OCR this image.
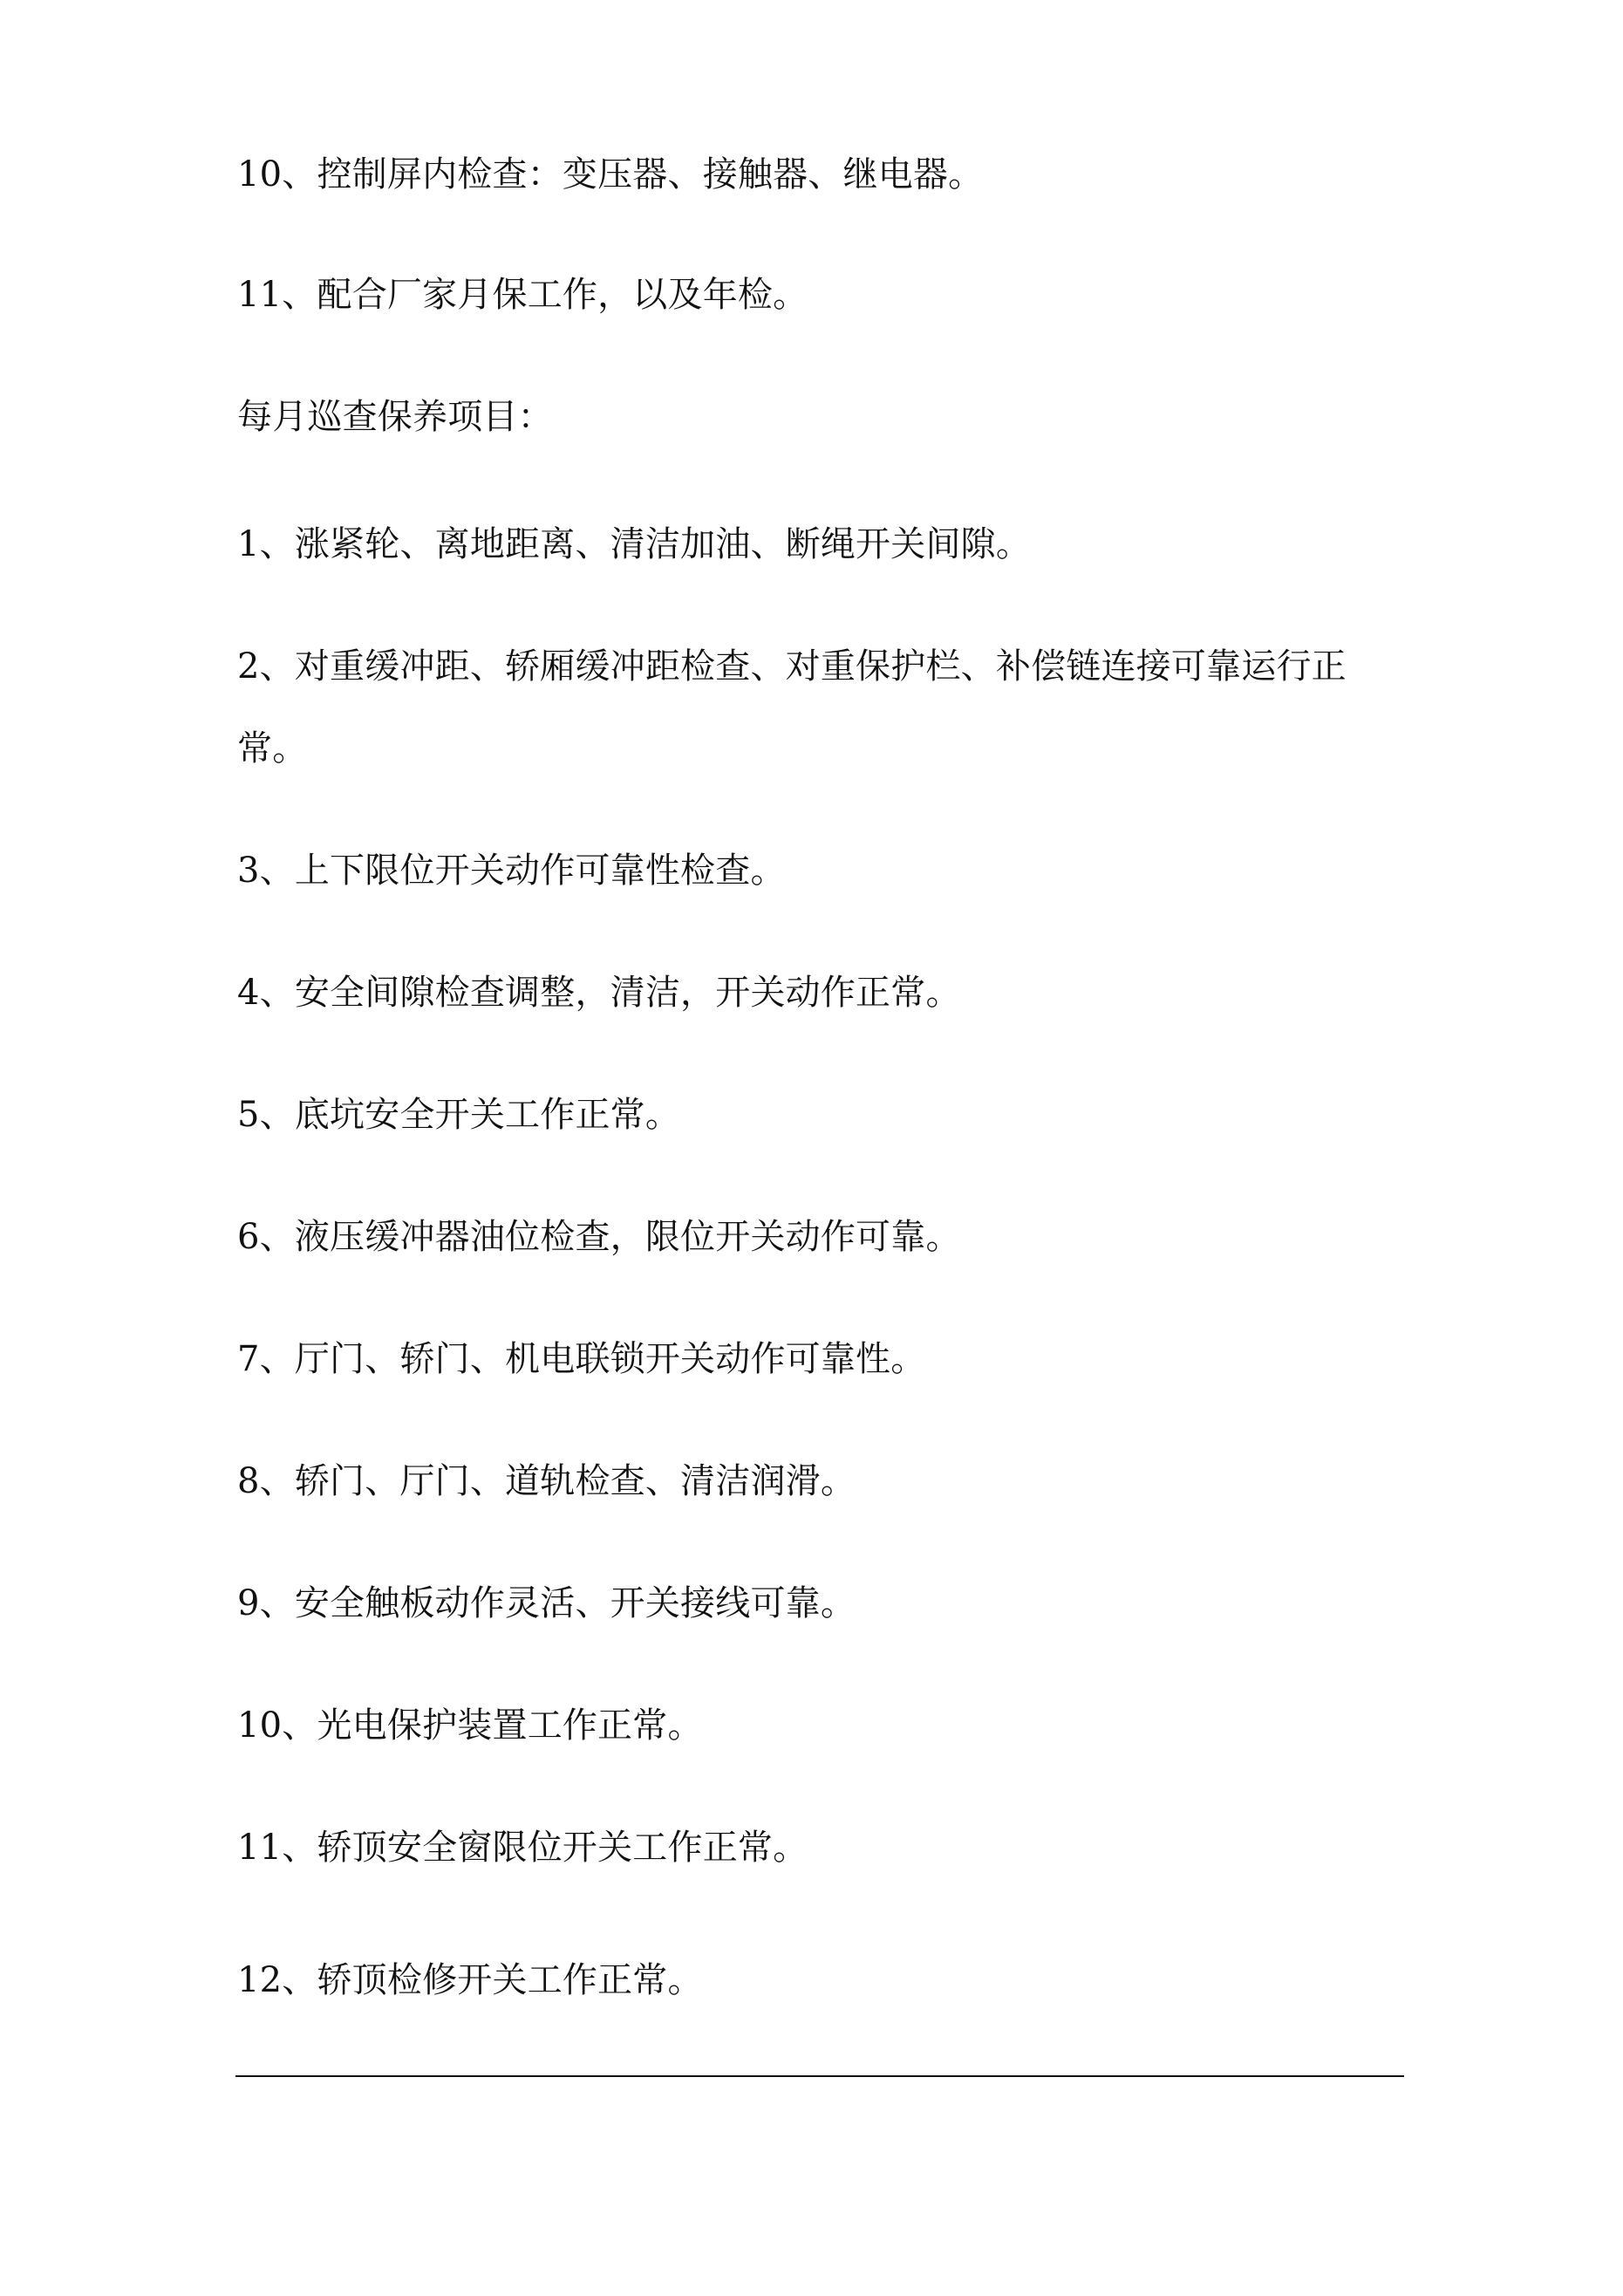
10、控制屏内检查：变压器、接触器、继电器。
11、配合厂家月保工作，以及年检。
每月巡查保养项目：
1、涨紧轮、离地距离、清洁加油、断绳开关间隙。
2、对重缓冲距、轿厢缓冲距检查、对重保护栏、补偿链连接可靠运行正
常。
3、上下限位开关动作可靠性检查。
4、安全间隙检查调整，清洁，开关动作正常。
5、底坑安全开关工作正常。
6、液压缓冲器油位检查，限位开关动作可靠。
7、厅门、轿门、机电联锁开关动作可靠性。
8、轿门、厅门、道轨检查、清洁润滑。
9、安全触板动作灵活、开关接线可靠。
10、光电保护装置工作正常。
11、轿顶安全窗限位开关工作正常。
12、轿顶检修开关工作正常。
